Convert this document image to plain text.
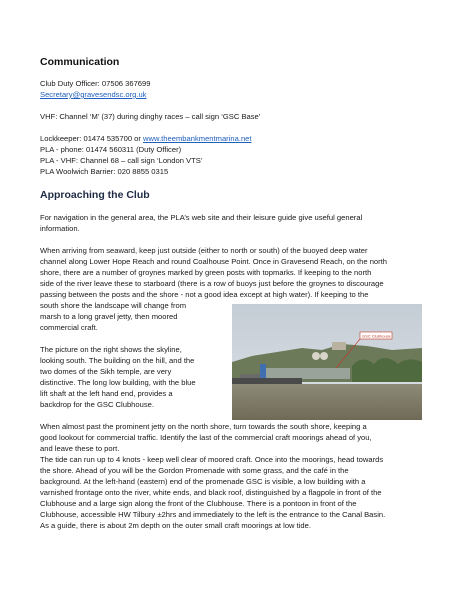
Communication
Club Duty Officer: 07506 367699
Secretary@gravesendsc.org.uk
VHF: Channel ‘M’ (37) during dinghy races – call sign ‘GSC Base’
Lockkeeper: 01474 535700 or www.theembankmentmarina.net
PLA - phone: 01474 560311 (Duty Officer)
PLA - VHF: Channel 68 – call sign ‘London VTS’
PLA Woolwich Barrier: 020 8855 0315
Approaching the Club
For navigation in the general area, the PLA’s web site and their leisure guide give useful general
information.
When arriving from seaward, keep just outside (either to north or south) of the buoyed deep water
channel along Lower Hope Reach and round Coalhouse Point. Once in Gravesend Reach, on the north
shore, there are a number of groynes marked by green posts with topmarks. If keeping to the north
side of the river leave these to starboard (there is a row of buoys just before the groynes to discourage
passing between the posts and the shore - not a good idea except at high water). If keeping to the
south shore the landscape will change from
marsh to a long gravel jetty, then moored
commercial craft.
The picture on the right shows the skyline,
looking south. The building on the hill, and the
two domes of the Sikh temple, are very
distinctive. The long low building, with the blue
lift shaft at the left hand end, provides a
backdrop for the GSC Clubhouse.
When almost past the prominent jetty on the north shore, turn towards the south shore, keeping a
good lookout for commercial traffic. Identify the last of the commercial craft moorings ahead of you,
and leave these to port.
The tide can run up to 4 knots - keep well clear of moored craft. Once into the moorings, head towards
the shore. Ahead of you will be the Gordon Promenade with some grass, and the café in the
background. At the left-hand (eastern) end of the promenade GSC is visible, a low building with a
varnished frontage onto the river, white ends, and black roof, distinguished by a flagpole in front of the
Clubhouse and a large sign along the front of the Clubhouse. There is a pontoon in front of the
Clubhouse, accessible HW Tilbury ±2hrs and immediately to the left is the entrance to the Canal Basin.
As a guide, there is about 2m depth on the outer small craft moorings at low tide.
GSC Clubhouse
